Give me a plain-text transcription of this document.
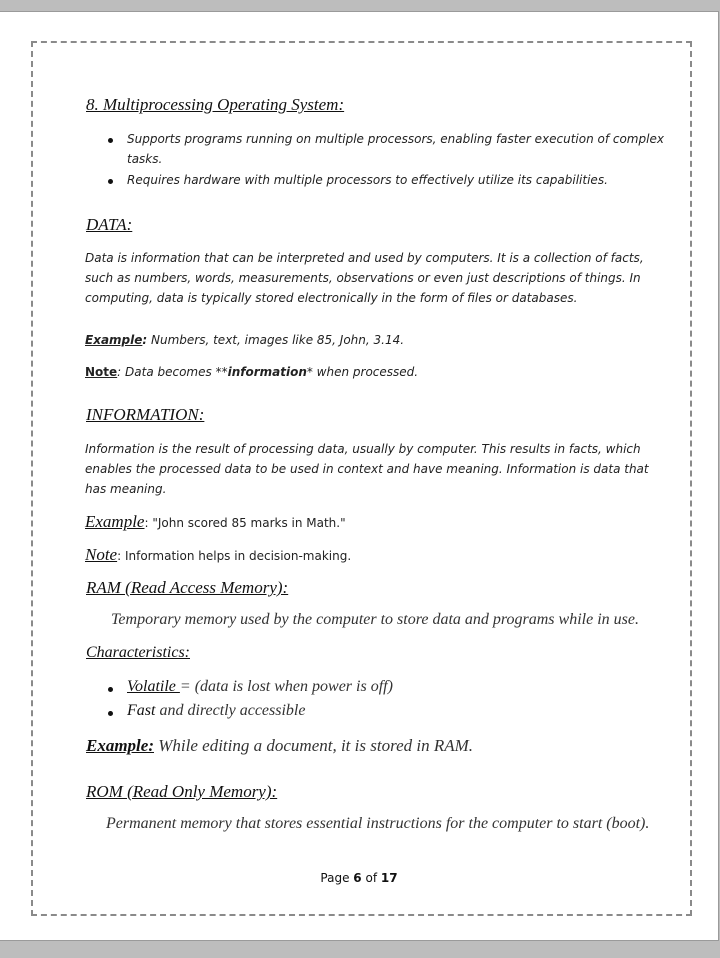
8. Multiprocessing Operating System:
Supports programs running on multiple processors, enabling faster execution of complex
tasks.
Requires hardware with multiple processors to effectively utilize its capabilities.
DATA:
Data is information that can be interpreted and used by computers. It is a collection of facts,
such as numbers, words, measurements, observations or even just descriptions of things. In
computing, data is typically stored electronically in the form of files or databases.
Example: Numbers, text, images like 85, John, 3.14.
Note: Data becomes **information* when processed.
INFORMATION:
Information is the result of processing data, usually by computer. This results in facts, which
enables the processed data to be used in context and have meaning. Information is data that
has meaning.
Example: "John scored 85 marks in Math."
Note: Information helps in decision-making.
RAM (Read Access Memory):
Temporary memory used by the computer to store data and programs while in use.
Characteristics:
Volatile = (data is lost when power is off)
Fast and directly accessible
Example: While editing a document, it is stored in RAM.
ROM (Read Only Memory):
Permanent memory that stores essential instructions for the computer to start (boot).
Page 6 of 17
